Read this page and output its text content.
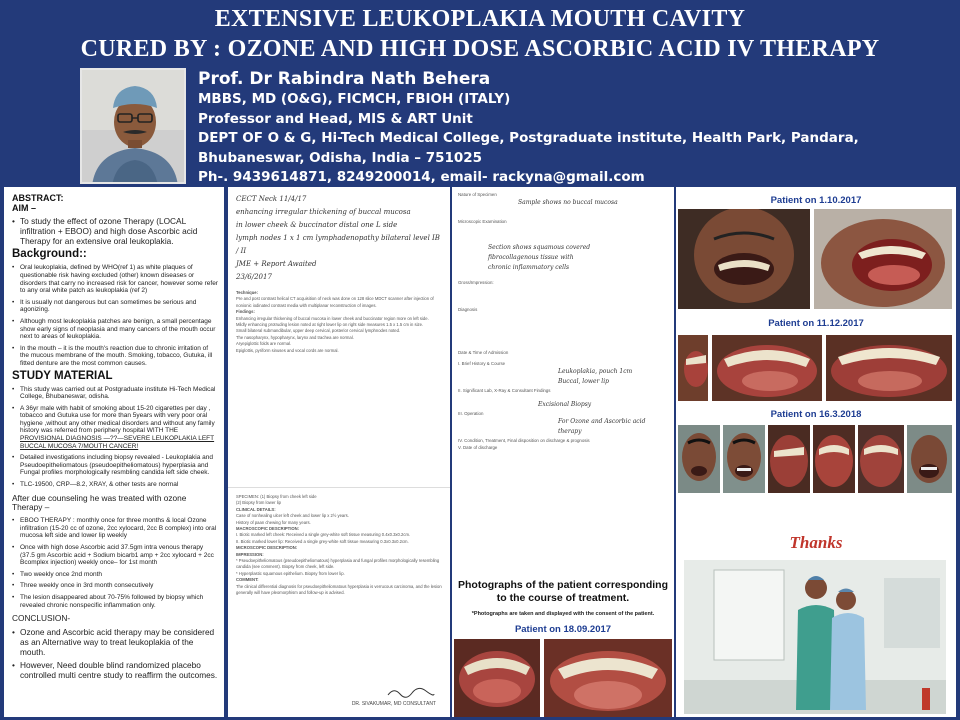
EXTENSIVE LEUKOPLAKIA MOUTH CAVITY
CURED BY : OZONE AND HIGH DOSE ASCORBIC ACID IV THERAPY
Prof. Dr Rabindra Nath Behera
MBBS, MD (O&G), FICMCH, FBIOH (ITALY)
Professor and Head, MIS & ART Unit
DEPT OF O & G, Hi-Tech Medical College, Postgraduate institute, Health Park, Pandara,
Bhubaneswar, Odisha, India – 751025
Ph-. 9439614871, 8249200014, email- rackyna@gmail.com
ABSTRACT:
AIM –
• To study the effect of ozone Therapy (LOCAL infiltration + EBOO) and high dose Ascorbic acid Therapy for an extensive oral leukoplakia.
Background::
• Oral leukoplakia, defined by WHO(ref 1) as white plaques of questionable risk having excluded (other) known diseases or disorders that carry no increased risk for cancer, however some refer to any oral white patch as leukoplakia (ref 2)
• It is usually not dangerous but can sometimes be serious and agonizing.
• Although most leukoplakia patches are benign, a small percentage show early signs of neoplasia and many cancers of the mouth occur next to areas of leukoplakia.
• In the mouth – it is the mouth's reaction due to chronic irritation of the mucous membrane of the mouth. Smoking, tobacco, Gutuka, ill fitted denture are the most common causes.
STUDY MATERIAL
• This study was carried out at Postgraduate institute Hi-Tech Medical College, Bhubaneswar, odisha.
• A 36yr male with habit of smoking about 15-20 cigarettes per day , tobacco and Gutuka use for more than 5years with very poor oral hygiene ,without any other medical disorders and without any family history was referred from periphery hospital WITH THE PROVISIONAL DIAGNOSIS —??—SEVERE LEUKOPLAKIA LEFT BUCCAL MUCOSA 7/MOUTH CANCER!
• Detailed investigations including biopsy revealed - Leukoplakia and Pseudoepitheliomatous (pseudoepitheliomatous) hyperplasia and Fungal profiles morphologically resmbling candida left side cheek.
• TLC-19500, CRP—8.2, XRAY, & other tests are normal
After due counseling he was treated with ozone Therapy –
• EBOO THERAPY : monthly once for three months & local Ozone infiltration (15-20 cc of ozone, 2cc xylocard, 2cc B complex) into oral mucosa left side and lower lip weekly
• Once with high dose Ascorbic acid 37.5gm intra venous therapy (37.5 gm Ascorbic acid + Sodium bicarb1 amp + 2cc xylocard + 2cc Bcomplex injection) weekly once– for 1st month
• Two weekly once 2nd month
• Three weekly once in 3rd month consecutively
• The lesion disappeared about 70-75% followed by biopsy which revealed chronic nonspecific inflammation only.
CONCLUSION-
• Ozone and Ascorbic acid therapy may be considered as an Alternative way to treat leukoplakia of the mouth.
• However, Need double blind randomized placebo controlled multi centre study to reaffirm the outcomes.
CECT Neck 11/4/17
enhancing irregular thickening of buccal mucosa
in lower cheek & buccinator distal one L side
lymph nodes 1 x 1 cm lymphadenopathy bilateral level IB / II
JME + Report Awaited
23/6/2017
Technique:
Pre and post contrast helical CT acquisition of neck was done on 128 slice MDCT scanner after injection of nonionic iodinated contrast media with multiplanar reconstruction of images.
Findings:
Enhancing irregular thickening of buccal mucosa in lower cheek and buccinator region more on left side.
Mildly enhancing protruding lesion noted at right lower lip on right side measures 1.5 x 1.5 cm in size.
Small bilateral submandibular, upper deep cervical, posterior cervical lymphnodes noted.
The nasopharynx, hypopharynx, larynx and trachea are normal.
Aryepiglottic folds are normal.
Epiglottis, pyriform sinuses and vocal cords are normal.
SPECIMEN: (1) Biopsy from cheek left side
(2) Biopsy from lower lip
CLINICAL DETAILS:
Case of nonhealing ulcer left cheek and lower lip x 2½ years.
History of paan chewing for many years.
MACROSCOPIC DESCRIPTION:
I. Biotic marked left cheek: Received a single grey-white soft tissue measuring 0.4x0.3x0.2cm.
II. Biotic marked lower lip: Received a single grey-white soft tissue measuring 0.3x0.3x0.2cm.
MICROSCOPIC DESCRIPTION:
IMPRESSION:
* Pseudoepitheliomatous (pseudoepitheliomatous) hyperplasia and fungal profiles morphologically resembling candida (see comment). Biopsy from cheek, left side.
* Hyperplastic squamous epithelium. Biopsy from lower lip.
COMMENT:
The clinical differential diagnosis for pseudoepitheliomatous hyperplasia is verrucous carcinoma, and the lesion generally will have pleomorphism and follow-up is advised.
DR. SIVAKUMAR, MD CONSULTANT
Nature of Specimen
Sample shows no buccal mucosa
Microscopic Examination
Section shows squamous covered
fibrocollagenous tissue with
chronic inflammatory cells
Gross/Impression:
Diagnosis
Date & Time of Admission
I. Brief History & Course
Leukoplakia, pouch 1cm
Buccal, lower lip
II. Significant Lab, X-Ray & Consultant Findings
Excisional Biopsy
III. Operation
For Ozone and Ascorbic acid therapy
IV. Condition, Treatment, Final disposition on discharge & prognosis
V. Date of discharge
Photographs of the patient corresponding to the course of treatment.
*Photographs are taken and displayed with the consent of the patient.
Patient on 18.09.2017
Patient on 1.10.2017
Patient on 11.12.2017
Patient on 16.3.2018
Thanks
